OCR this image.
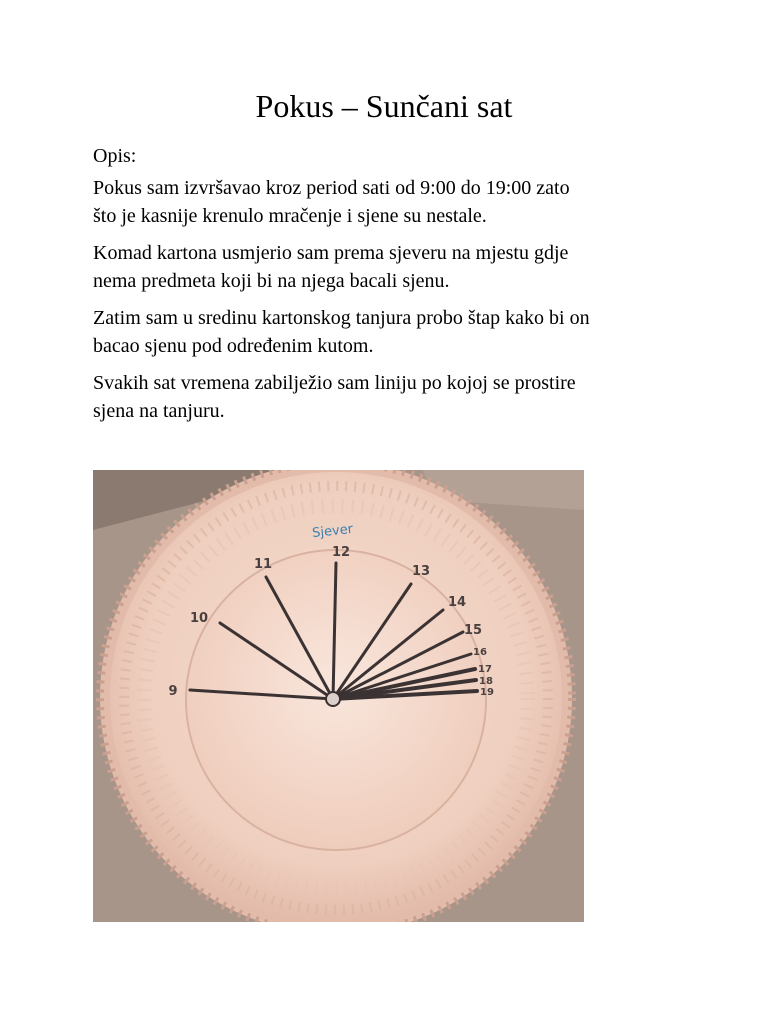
Pokus – Sunčani sat

Opis:

Pokus sam izvršavao kroz period sati od 9:00 do 19:00 zato
što je kasnije krenulo mračenje i sjene su nestale.

Komad kartona usmjerio sam prema sjeveru na mjestu gdje
nema predmeta koji bi na njega bacali sjenu.

Zatim sam u sredinu kartonskog tanjura probo štap kako bi on
bacao sjenu pod određenim kutom.

Svakih sat vremena zabilježio sam liniju po kojoj se prostire
sjena na tanjuru.

9
10
11
12
13
14
15
16
17
18
19
Sjever
